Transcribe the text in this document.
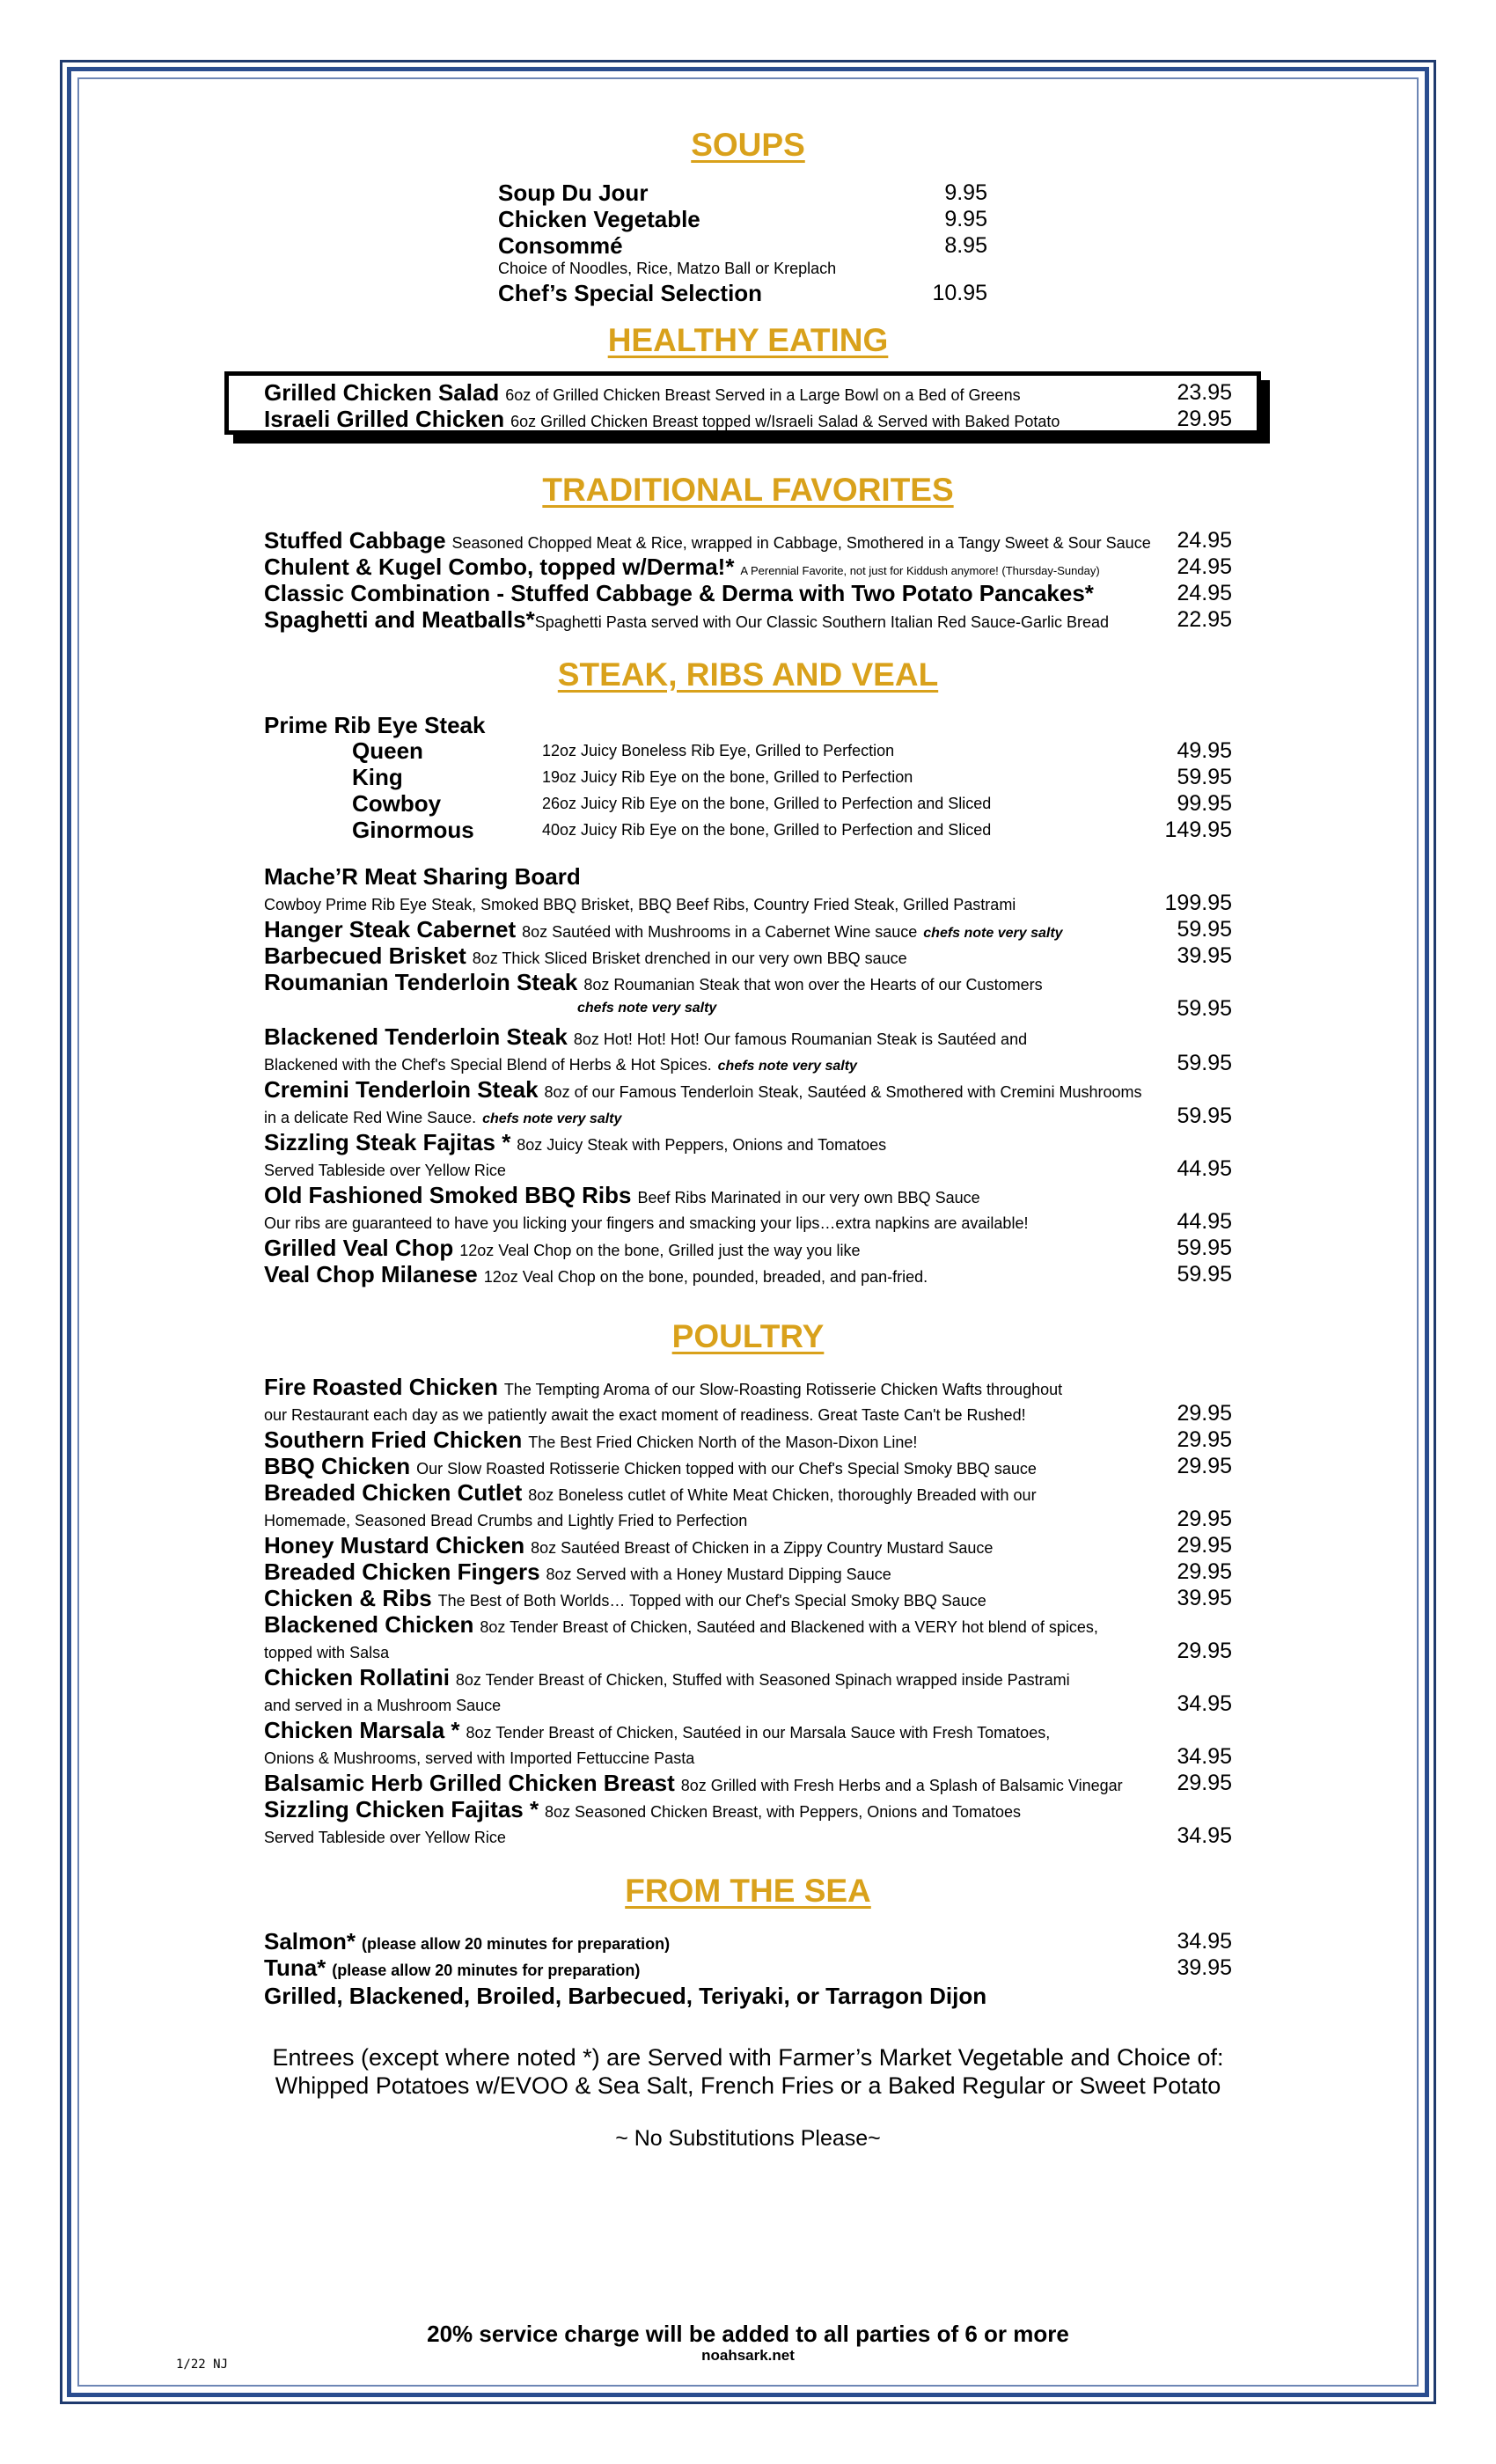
SOUPS
Soup Du Jour	9.95
Chicken Vegetable	9.95
Consommé	8.95
Choice of Noodles, Rice, Matzo Ball or Kreplach
Chef’s Special Selection	10.95
HEALTHY EATING
Grilled Chicken Salad 6oz of Grilled Chicken Breast Served in a Large Bowl on a Bed of Greens	23.95
Israeli Grilled Chicken 6oz Grilled Chicken Breast topped w/Israeli Salad & Served with Baked Potato	29.95
TRADITIONAL FAVORITES
Stuffed Cabbage Seasoned Chopped Meat & Rice, wrapped in Cabbage, Smothered in a Tangy Sweet & Sour Sauce 24.95
Chulent & Kugel Combo, topped w/Derma!* A Perennial Favorite, not just for Kiddush anymore! (Thursday-Sunday)	24.95
Classic Combination - Stuffed Cabbage & Derma with Two Potato Pancakes*	24.95
Spaghetti and Meatballs*Spaghetti Pasta served with Our Classic Southern Italian Red Sauce-Garlic Bread	22.95
STEAK, RIBS AND VEAL
Prime Rib Eye Steak
Queen	12oz Juicy Boneless Rib Eye, Grilled to Perfection	49.95
King	19oz Juicy Rib Eye on the bone, Grilled to Perfection	59.95
Cowboy	26oz Juicy Rib Eye on the bone, Grilled to Perfection and Sliced	99.95
Ginormous	40oz Juicy Rib Eye on the bone, Grilled to Perfection and Sliced	149.95
Mache’R Meat Sharing Board
Cowboy Prime Rib Eye Steak, Smoked BBQ Brisket, BBQ Beef Ribs, Country Fried Steak, Grilled Pastrami	199.95
Hanger Steak Cabernet 8oz Sautéed with Mushrooms in a Cabernet Wine sauce chefs note very salty	59.95
Barbecued Brisket 8oz Thick Sliced Brisket drenched in our very own BBQ sauce	39.95
Roumanian Tenderloin Steak 8oz Roumanian Steak that won over the Hearts of our Customers
chefs note very salty	59.95
Blackened Tenderloin Steak 8oz Hot! Hot! Hot! Our famous Roumanian Steak is Sautéed and
Blackened with the Chef's Special Blend of Herbs & Hot Spices. chefs note very salty	59.95
Cremini Tenderloin Steak 8oz of our Famous Tenderloin Steak, Sautéed & Smothered with Cremini Mushrooms
in a delicate Red Wine Sauce. chefs note very salty	59.95
Sizzling Steak Fajitas * 8oz Juicy Steak with Peppers, Onions and Tomatoes
Served Tableside over Yellow Rice	44.95
Old Fashioned Smoked BBQ Ribs Beef Ribs Marinated in our very own BBQ Sauce
Our ribs are guaranteed to have you licking your fingers and smacking your lips…extra napkins are available!	44.95
Grilled Veal Chop 12oz Veal Chop on the bone, Grilled just the way you like	59.95
Veal Chop Milanese 12oz Veal Chop on the bone, pounded, breaded, and pan-fried.	59.95
POULTRY
Fire Roasted Chicken The Tempting Aroma of our Slow-Roasting Rotisserie Chicken Wafts throughout
our Restaurant each day as we patiently await the exact moment of readiness. Great Taste Can't be Rushed!	29.95
Southern Fried Chicken The Best Fried Chicken North of the Mason-Dixon Line!	29.95
BBQ Chicken Our Slow Roasted Rotisserie Chicken topped with our Chef's Special Smoky BBQ sauce	29.95
Breaded Chicken Cutlet 8oz Boneless cutlet of White Meat Chicken, thoroughly Breaded with our
Homemade, Seasoned Bread Crumbs and Lightly Fried to Perfection	29.95
Honey Mustard Chicken 8oz Sautéed Breast of Chicken in a Zippy Country Mustard Sauce	29.95
Breaded Chicken Fingers 8oz Served with a Honey Mustard Dipping Sauce	29.95
Chicken & Ribs The Best of Both Worlds… Topped with our Chef's Special Smoky BBQ Sauce	39.95
Blackened Chicken 8oz Tender Breast of Chicken, Sautéed and Blackened with a VERY hot blend of spices,
topped with Salsa	29.95
Chicken Rollatini 8oz Tender Breast of Chicken, Stuffed with Seasoned Spinach wrapped inside Pastrami
and served in a Mushroom Sauce	34.95
Chicken Marsala * 8oz Tender Breast of Chicken, Sautéed in our Marsala Sauce with Fresh Tomatoes,
Onions & Mushrooms, served with Imported Fettuccine Pasta	34.95
Balsamic Herb Grilled Chicken Breast 8oz Grilled with Fresh Herbs and a Splash of Balsamic Vinegar 29.95
Sizzling Chicken Fajitas * 8oz Seasoned Chicken Breast, with Peppers, Onions and Tomatoes
Served Tableside over Yellow Rice	34.95
FROM THE SEA
Salmon* (please allow 20 minutes for preparation)	34.95
Tuna* (please allow 20 minutes for preparation)	39.95
Grilled, Blackened, Broiled, Barbecued, Teriyaki, or Tarragon Dijon
Entrees (except where noted *) are Served with Farmer’s Market Vegetable and Choice of:
Whipped Potatoes w/EVOO & Sea Salt, French Fries or a Baked Regular or Sweet Potato
~ No Substitutions Please~
20% service charge will be added to all parties of 6 or more
noahsark.net
1/22 NJ
